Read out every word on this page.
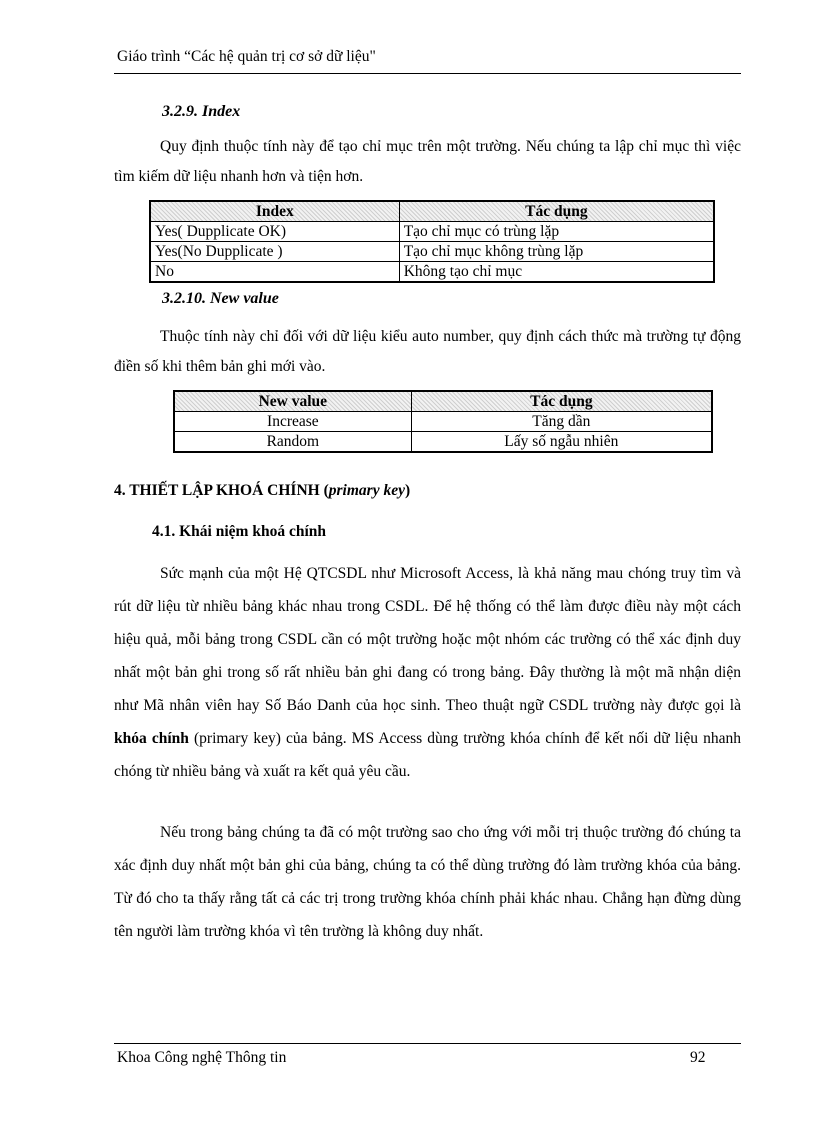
Giáo trình “Các hệ quản trị cơ sở dữ liệu"
3.2.9. Index
Quy định thuộc tính này để tạo chỉ mục trên một trường. Nếu chúng ta lập chỉ mục thì việc tìm kiếm dữ liệu nhanh hơn và tiện hơn.
Index	Tác dụng
Yes( Dupplicate OK)	Tạo chỉ mục có trùng lặp
Yes(No Dupplicate )	Tạo chỉ mục không trùng lặp
No	Không tạo chỉ mục
3.2.10. New value
Thuộc tính này chỉ đối với dữ liệu kiểu auto number, quy định cách thức mà trường tự động điền số khi thêm bản ghi mới vào.
New value	Tác dụng
Increase	Tăng dần
Random	Lấy số ngẫu nhiên
4. THIẾT LẬP KHOÁ CHÍNH (primary key)
4.1. Khái niệm khoá chính
Sức mạnh của một Hệ QTCSDL như Microsoft Access, là khả năng mau chóng truy tìm và rút dữ liệu từ nhiều bảng khác nhau trong CSDL. Để hệ thống có thể làm được điều này một cách hiệu quả, mỗi bảng trong CSDL cần có một trường hoặc một nhóm các trường có thể xác định duy nhất một bản ghi trong số rất nhiều bản ghi đang có trong bảng. Đây thường là một mã nhận diện như Mã nhân viên hay Số Báo Danh của học sinh. Theo thuật ngữ CSDL trường này được gọi là khóa chính (primary key) của bảng. MS Access dùng trường khóa chính để kết nối dữ liệu nhanh chóng từ nhiều bảng và xuất ra kết quả yêu cầu.
Nếu trong bảng chúng ta đã có một trường sao cho ứng với mỗi trị thuộc trường đó chúng ta xác định duy nhất một bản ghi của bảng, chúng ta có thể dùng trường đó làm trường khóa của bảng. Từ đó cho ta thấy rằng tất cả các trị trong trường khóa chính phải khác nhau. Chẳng hạn đừng dùng tên người làm trường khóa vì tên trường là không duy nhất.
Khoa Công nghệ Thông tin	92
